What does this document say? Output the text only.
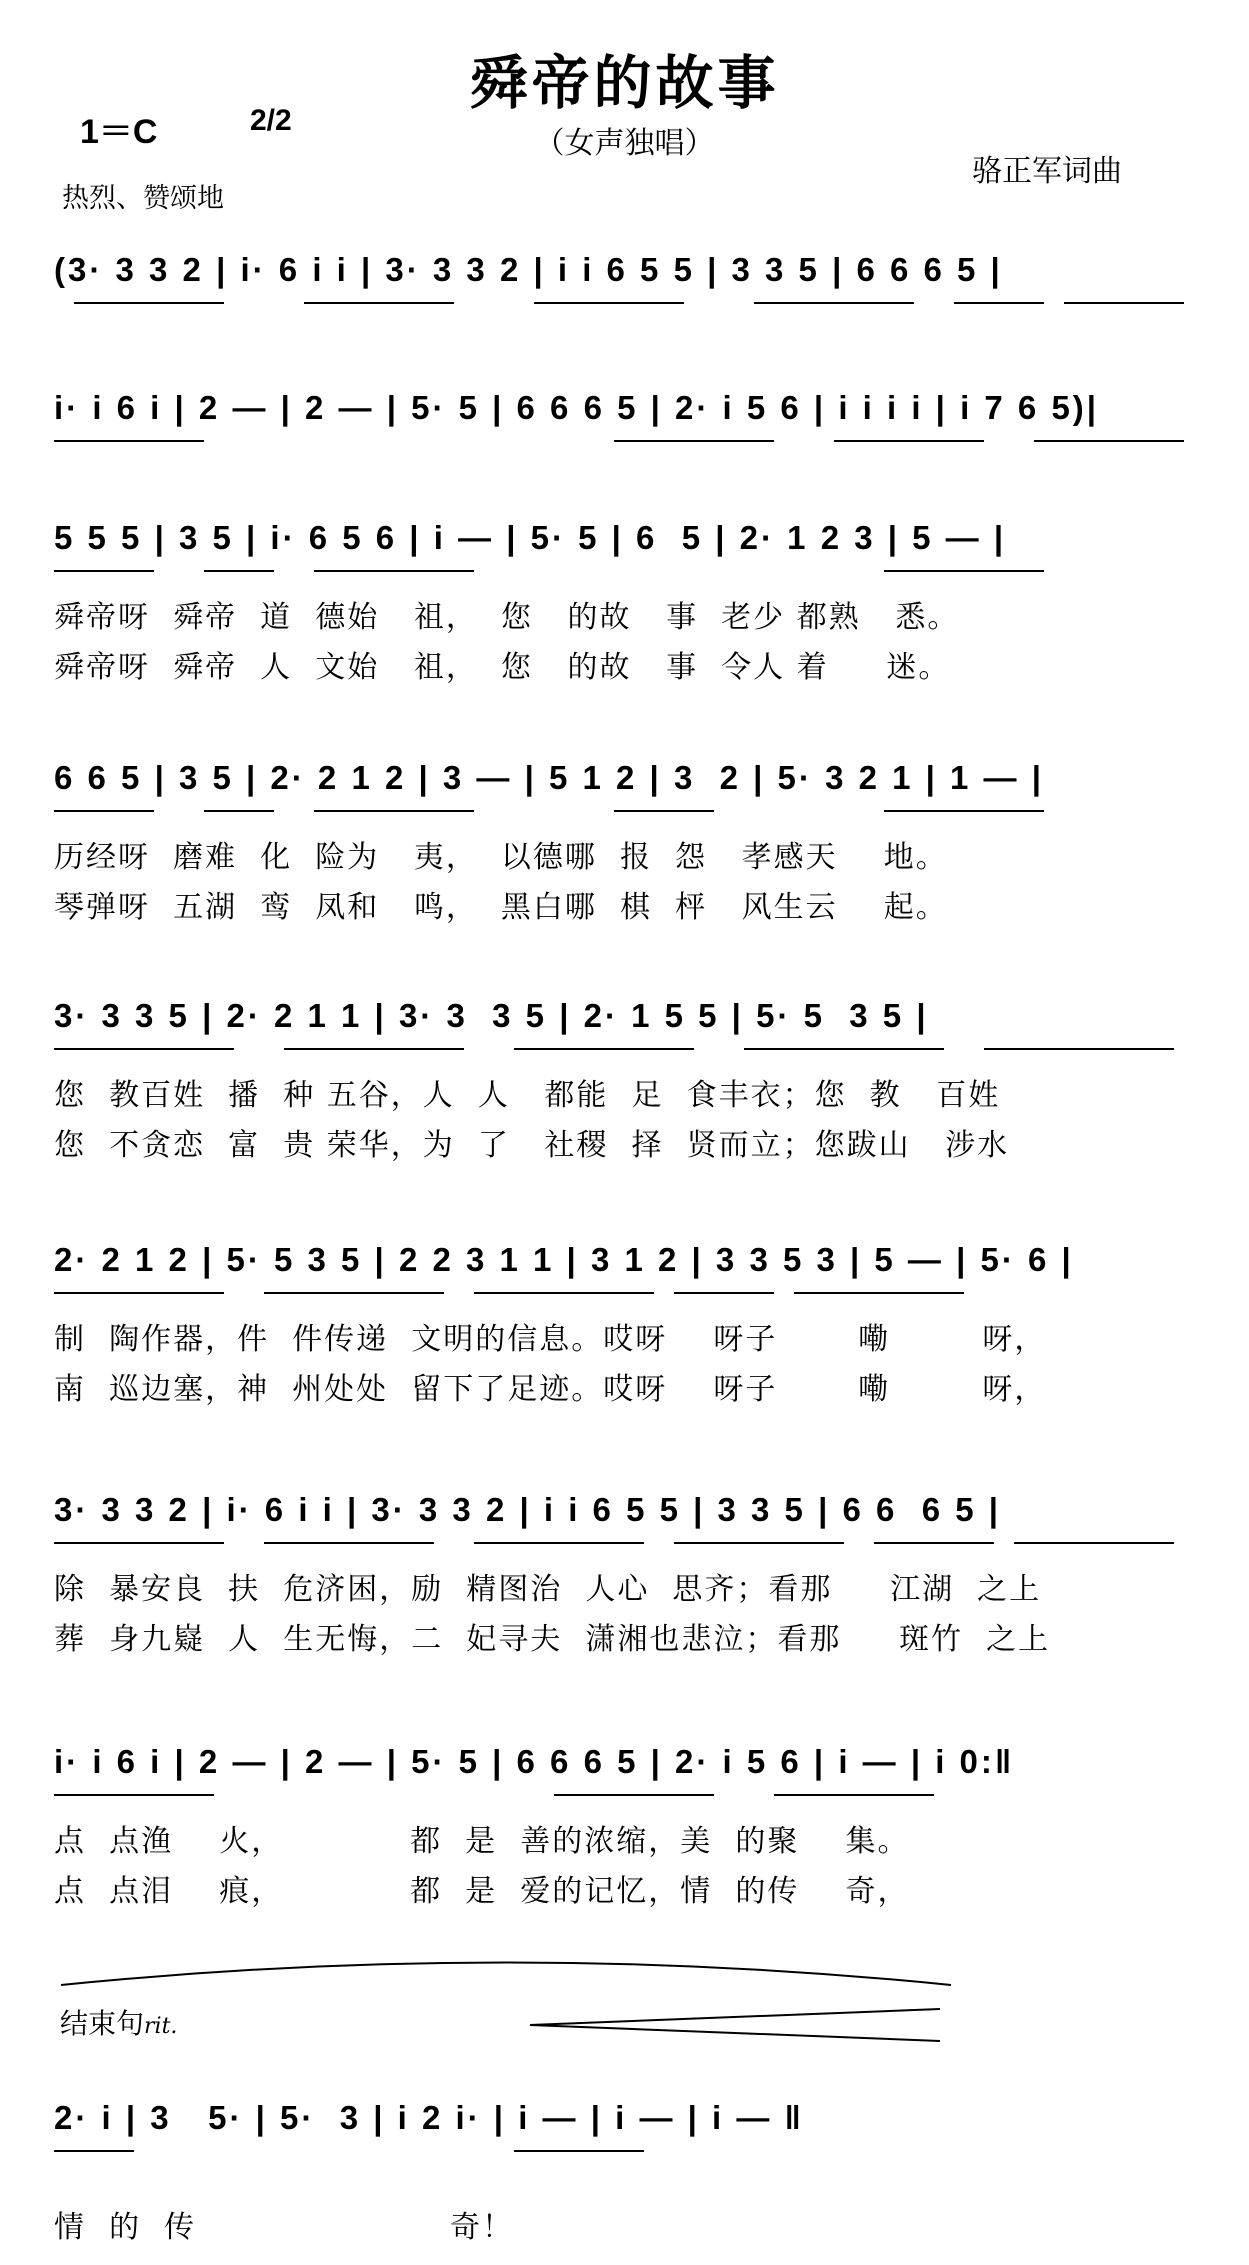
舜帝的故事
（女声独唱）
1＝C	2/2
骆正军词曲
热烈、赞颂地
(3· 3 3 2 | i· 6 i i | 3· 3 3 2 | i i 6 5 5 | 3 3 5 | 6 6 6 5 |
i· i 6 i | 2 — | 2 — | 5· 5 | 6 6 6 5 | 2· i 5 6 | i i i i | i 7 6 5)|
5 5 5 | 3 5 | i· 6 5 6 | i — | 5· 5 | 6  5 | 2· 1 2 3 | 5 — |
舜帝呀  舜帝  道  德始   祖，  您   的故   事  老少 都熟   悉。
舜帝呀  舜帝  人  文始   祖，  您   的故   事  令人 着     迷。
6 6 5 | 3 5 | 2· 2 1 2 | 3 — | 5 1 2 | 3  2 | 5· 3 2 1 | 1 — |
历经呀  磨难  化  险为   夷，  以德哪  报  怨   孝感天    地。
琴弹呀  五湖  鸾  凤和   鸣，  黑白哪  棋  枰   风生云    起。
3· 3 3 5 | 2· 2 1 1 | 3· 3  3 5 | 2· 1 5 5 | 5· 5  3 5 |
您  教百姓  播  种 五谷，人  人   都能  足  食丰衣；您  教   百姓
您  不贪恋  富  贵 荣华，为  了   社稷  择  贤而立；您跋山   涉水
2· 2 1 2 | 5· 5 3 5 | 2 2 3 1 1 | 3 1 2 | 3 3 5 3 | 5 — | 5· 6 |
制  陶作器，件  件传递  文明的信息。哎呀    呀子       嘞        呀，
南  巡边塞，神  州处处  留下了足迹。哎呀    呀子       嘞        呀，
3· 3 3 2 | i· 6 i i | 3· 3 3 2 | i i 6 5 5 | 3 3 5 | 6 6  6 5 |
除  暴安良  扶  危济困，励  精图治  人心  思齐；看那     江湖  之上
葬  身九嶷  人  生无悔，二  妃寻夫  潇湘也悲泣；看那     斑竹  之上
i· i 6 i | 2 — | 2 — | 5· 5 | 6 6 6 5 | 2· i 5 6 | i — | i 0:‖
点  点渔    火，           都  是  善的浓缩，美  的聚    集。
点  点泪    痕，           都  是  爱的记忆，情  的传    奇，
结束句rit.
2· i | 3   5· | 5·  3 | i 2 i· | i — | i — | i — ‖
情  的  传                      奇！
